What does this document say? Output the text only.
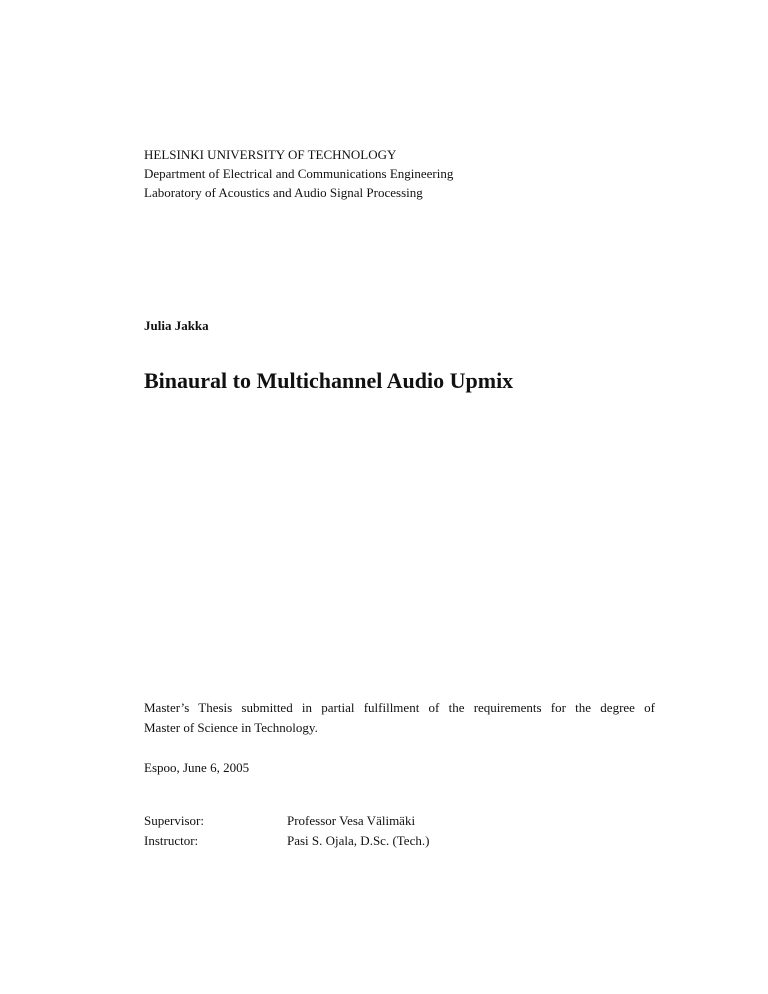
HELSINKI UNIVERSITY OF TECHNOLOGY
Department of Electrical and Communications Engineering
Laboratory of Acoustics and Audio Signal Processing
Julia Jakka
Binaural to Multichannel Audio Upmix
Master’s Thesis submitted in partial fulfillment of the requirements for the degree of
Master of Science in Technology.
Espoo, June 6, 2005
Supervisor:	Professor Vesa Välimäki
Instructor:	Pasi S. Ojala, D.Sc. (Tech.)
